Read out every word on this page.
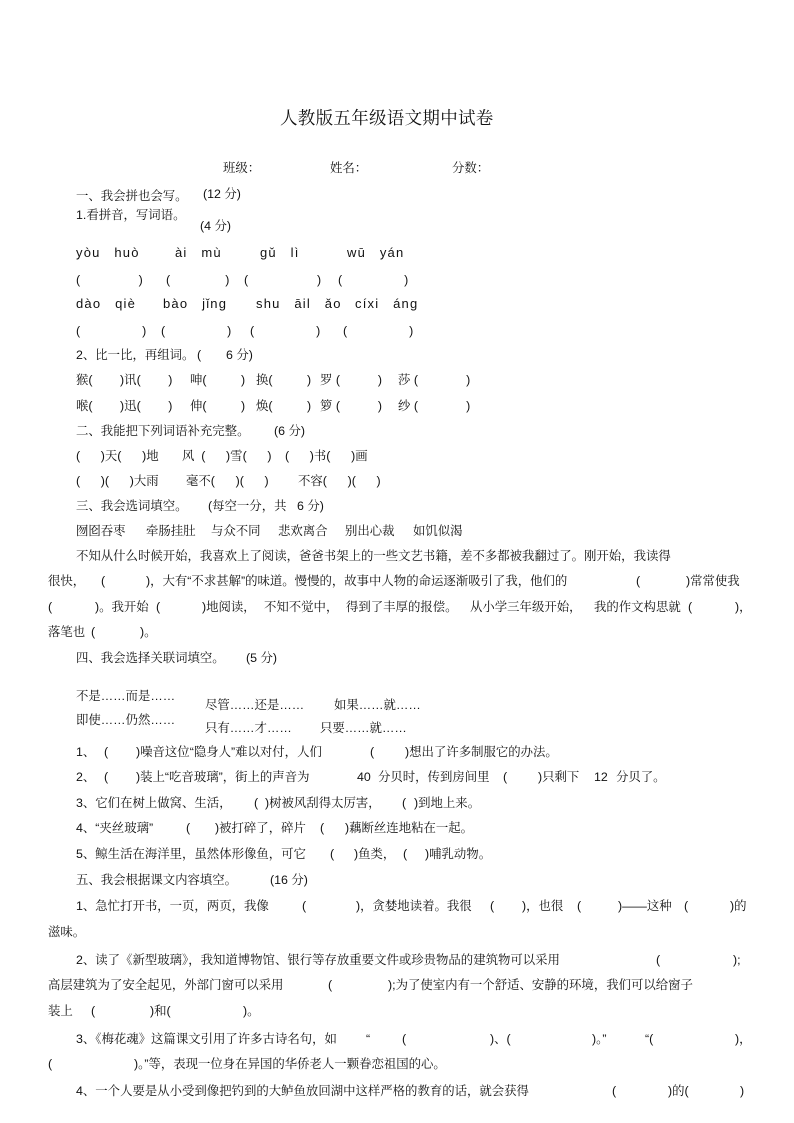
人教版五年级语文期中试卷
班级：	姓名：	分数：
一、我会拼也会写。 (12 分)
1.看拼音，写词语。
(4 分)
yòu huò	ài mù	gǔ lì	wū yán
(                 ) (                ) (                    ) (                  )
dào qiè bào jǐng shu āil ǎo cíxi áng
(                  ) (                  ) (                  ) (                  )
2、比一比，再组词。 ( 6 分)
猴(        )讯(        ) 呻(          ) 换(          ) 罗 (           ) 莎 (              )
喉(        )迅(        ) 伸(          ) 焕(          ) 箩 (           ) 纱 (              )
二、我能把下列词语补充完整。 (6 分)
(      )天(      )地 风  (      )雪(      ) (      )书(      )画
(      )(      )大雨 毫不(      )(      ) 不容(      )(      )
三、我会选词填空。 (每空一分，共 6 分)
囫囵吞枣 牵肠挂肚 与众不同 悲欢离合 别出心裁 如饥似渴
不知从什么时候开始，我喜欢上了阅读，爸爸书架上的一些文艺书籍，差不多都被我翻过了。刚开始，我读得
很快， (	)，大有“不求甚解”的味道。慢慢的，故事中人物的命运逐渐吸引了我，他们的	(	)常常使我
(	)。我开始 (	)地阅读， 不知不觉中， 得到了丰厚的报偿。 从小学三年级开始， 我的作文构思就 (	)，
落笔也 (	)。
四、我会选择关联词填空。 (5 分)
不是……而是……
尽管……还是…… 如果……就……
即使……仍然……
只有……才…… 只要……就……
1、 ( )噪音这位“隐身人”难以对付，人们	( )想出了许多制服它的办法。
2、 ( )装上“吃音玻璃”，街上的声音为	40 分贝时，传到房间里 ( )只剩下 12 分贝了。
3、它们在树上做窝、生活， ( )树被风刮得太厉害， ( )到地上来。
4、“夹丝玻璃”	( )被打碎了，碎片 ( )藕断丝连地粘在一起。
5、鲸生活在海洋里，虽然体形像鱼，可它 ( )鱼类， ( )哺乳动物。
五、我会根据课文内容填空。	(16 分)
1、急忙打开书，一页，两页，我像	(	)，贪婪地读着。我很 ( )，也很 (	)——这种 (	)的
滋味。
2、读了《新型玻璃》，我知道博物馆、银行等存放重要文件或珍贵物品的建筑物可以采用	(	);
高层建筑为了安全起见，外部门窗可以采用	(	);为了使室内有一个舒适、安静的环境，我们可以给窗子
装上 (	)和(	)。
3、《梅花魂》这篇课文引用了许多古诗名句，如 “	(	)、(	)。”	“(	)，
(	)。”等，表现一位身在异国的华侨老人一颗眷恋祖国的心。
4、一个人要是从小受到像把钓到的大鲈鱼放回湖中这样严格的教育的话，就会获得	(	)的(	)
